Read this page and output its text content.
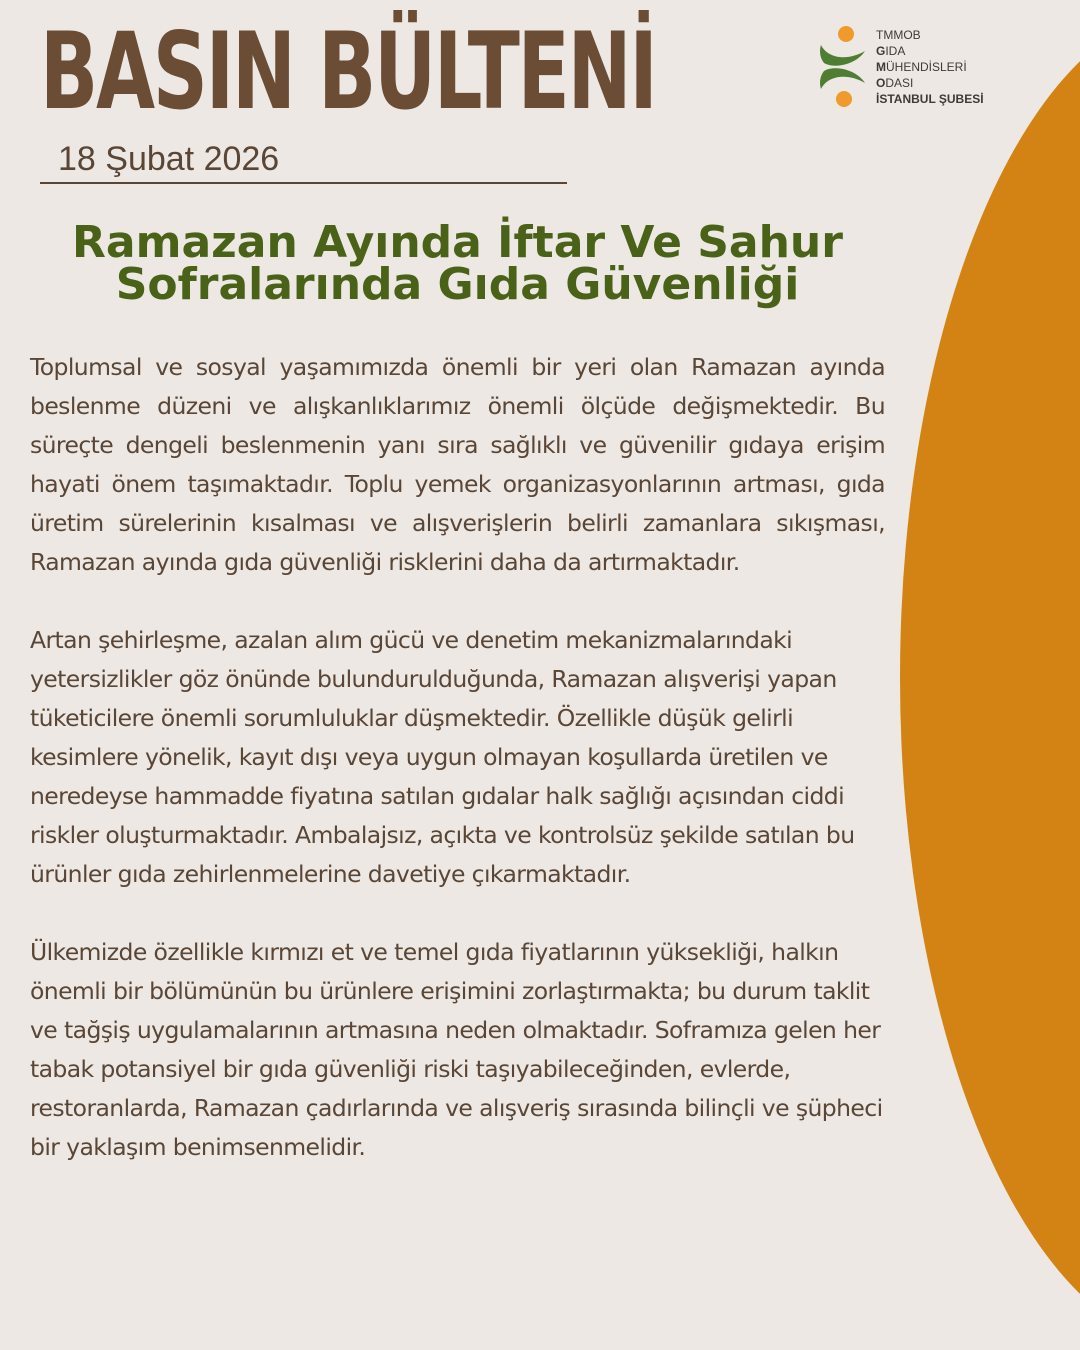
BASIN BÜLTENİ
18 Şubat 2026
TMMOB
GIDA
MÜHENDİSLERİ
ODASI
İSTANBUL ŞUBESİ
Ramazan Ayında İftar Ve Sahur
Sofralarında Gıda Güvenliği

Toplumsal ve sosyal yaşamımızda önemli bir yeri olan Ramazan ayında beslenme düzeni ve alışkanlıklarımız önemli ölçüde değişmektedir. Bu süreçte dengeli beslenmenin yanı sıra sağlıklı ve güvenilir gıdaya erişim hayati önem taşımaktadır. Toplu yemek organizasyonlarının artması, gıda üretim sürelerinin kısalması ve alışverişlerin belirli zamanlara sıkışması, Ramazan ayında gıda güvenliği risklerini daha da artırmaktadır.

Artan şehirleşme, azalan alım gücü ve denetim mekanizmalarındaki yetersizlikler göz önünde bulundurulduğunda, Ramazan alışverişi yapan tüketicilere önemli sorumluluklar düşmektedir. Özellikle düşük gelirli kesimlere yönelik, kayıt dışı veya uygun olmayan koşullarda üretilen ve neredeyse hammadde fiyatına satılan gıdalar halk sağlığı açısından ciddi riskler oluşturmaktadır. Ambalajsız, açıkta ve kontrolsüz şekilde satılan bu ürünler gıda zehirlenmelerine davetiye çıkarmaktadır.

Ülkemizde özellikle kırmızı et ve temel gıda fiyatlarının yüksekliği, halkın önemli bir bölümünün bu ürünlere erişimini zorlaştırmakta; bu durum taklit ve tağşiş uygulamalarının artmasına neden olmaktadır. Soframıza gelen her tabak potansiyel bir gıda güvenliği riski taşıyabileceğinden, evlerde, restoranlarda, Ramazan çadırlarında ve alışveriş sırasında bilinçli ve şüpheci bir yaklaşım benimsenmelidir.
